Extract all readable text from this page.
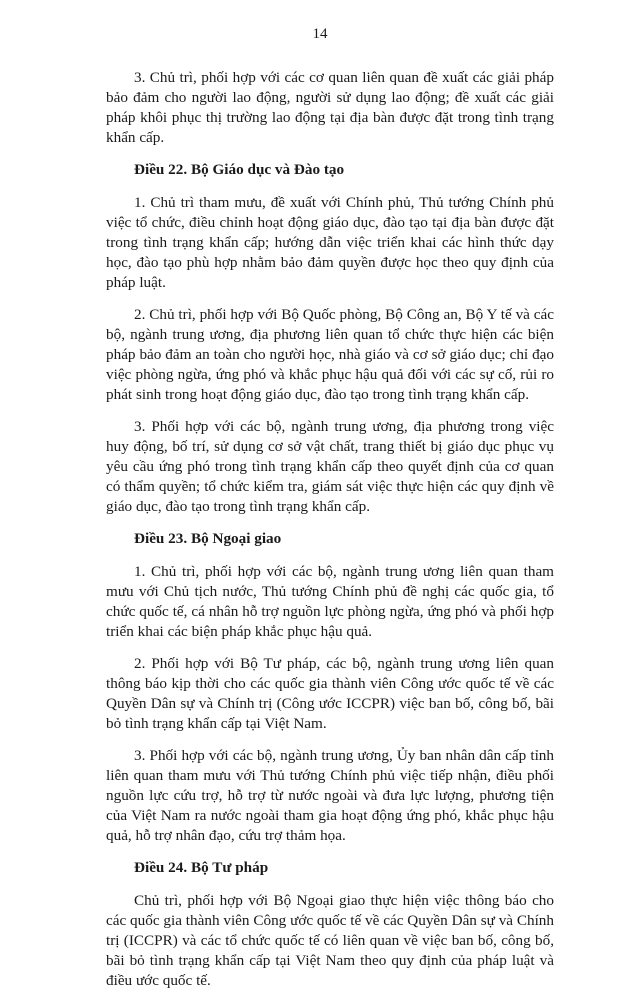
14

3. Chủ trì, phối hợp với các cơ quan liên quan đề xuất các giải pháp bảo đảm cho người lao động, người sử dụng lao động; đề xuất các giải pháp khôi phục thị trường lao động tại địa bàn được đặt trong tình trạng khẩn cấp.

Điều 22. Bộ Giáo dục và Đào tạo

1. Chủ trì tham mưu, đề xuất với Chính phủ, Thủ tướng Chính phủ việc tổ chức, điều chỉnh hoạt động giáo dục, đào tạo tại địa bàn được đặt trong tình trạng khẩn cấp; hướng dẫn việc triển khai các hình thức dạy học, đào tạo phù hợp nhằm bảo đảm quyền được học theo quy định của pháp luật.

2. Chủ trì, phối hợp với Bộ Quốc phòng, Bộ Công an, Bộ Y tế và các bộ, ngành trung ương, địa phương liên quan tổ chức thực hiện các biện pháp bảo đảm an toàn cho người học, nhà giáo và cơ sở giáo dục; chỉ đạo việc phòng ngừa, ứng phó và khắc phục hậu quả đối với các sự cố, rủi ro phát sinh trong hoạt động giáo dục, đào tạo trong tình trạng khẩn cấp.

3. Phối hợp với các bộ, ngành trung ương, địa phương trong việc huy động, bố trí, sử dụng cơ sở vật chất, trang thiết bị giáo dục phục vụ yêu cầu ứng phó trong tình trạng khẩn cấp theo quyết định của cơ quan có thẩm quyền; tổ chức kiểm tra, giám sát việc thực hiện các quy định về giáo dục, đào tạo trong tình trạng khẩn cấp.

Điều 23. Bộ Ngoại giao

1. Chủ trì, phối hợp với các bộ, ngành trung ương liên quan tham mưu với Chủ tịch nước, Thủ tướng Chính phủ đề nghị các quốc gia, tổ chức quốc tế, cá nhân hỗ trợ nguồn lực phòng ngừa, ứng phó và phối hợp triển khai các biện pháp khắc phục hậu quả.

2. Phối hợp với Bộ Tư pháp, các bộ, ngành trung ương liên quan thông báo kịp thời cho các quốc gia thành viên Công ước quốc tế về các Quyền Dân sự và Chính trị (Công ước ICCPR) việc ban bố, công bố, bãi bỏ tình trạng khẩn cấp tại Việt Nam.

3. Phối hợp với các bộ, ngành trung ương, Ủy ban nhân dân cấp tỉnh liên quan tham mưu với Thủ tướng Chính phủ việc tiếp nhận, điều phối nguồn lực cứu trợ, hỗ trợ từ nước ngoài và đưa lực lượng, phương tiện của Việt Nam ra nước ngoài tham gia hoạt động ứng phó, khắc phục hậu quả, hỗ trợ nhân đạo, cứu trợ thảm họa.

Điều 24. Bộ Tư pháp

Chủ trì, phối hợp với Bộ Ngoại giao thực hiện việc thông báo cho các quốc gia thành viên Công ước quốc tế về các Quyền Dân sự và Chính trị (ICCPR) và các tổ chức quốc tế có liên quan về việc ban bố, công bố, bãi bỏ tình trạng khẩn cấp tại Việt Nam theo quy định của pháp luật và điều ước quốc tế.
